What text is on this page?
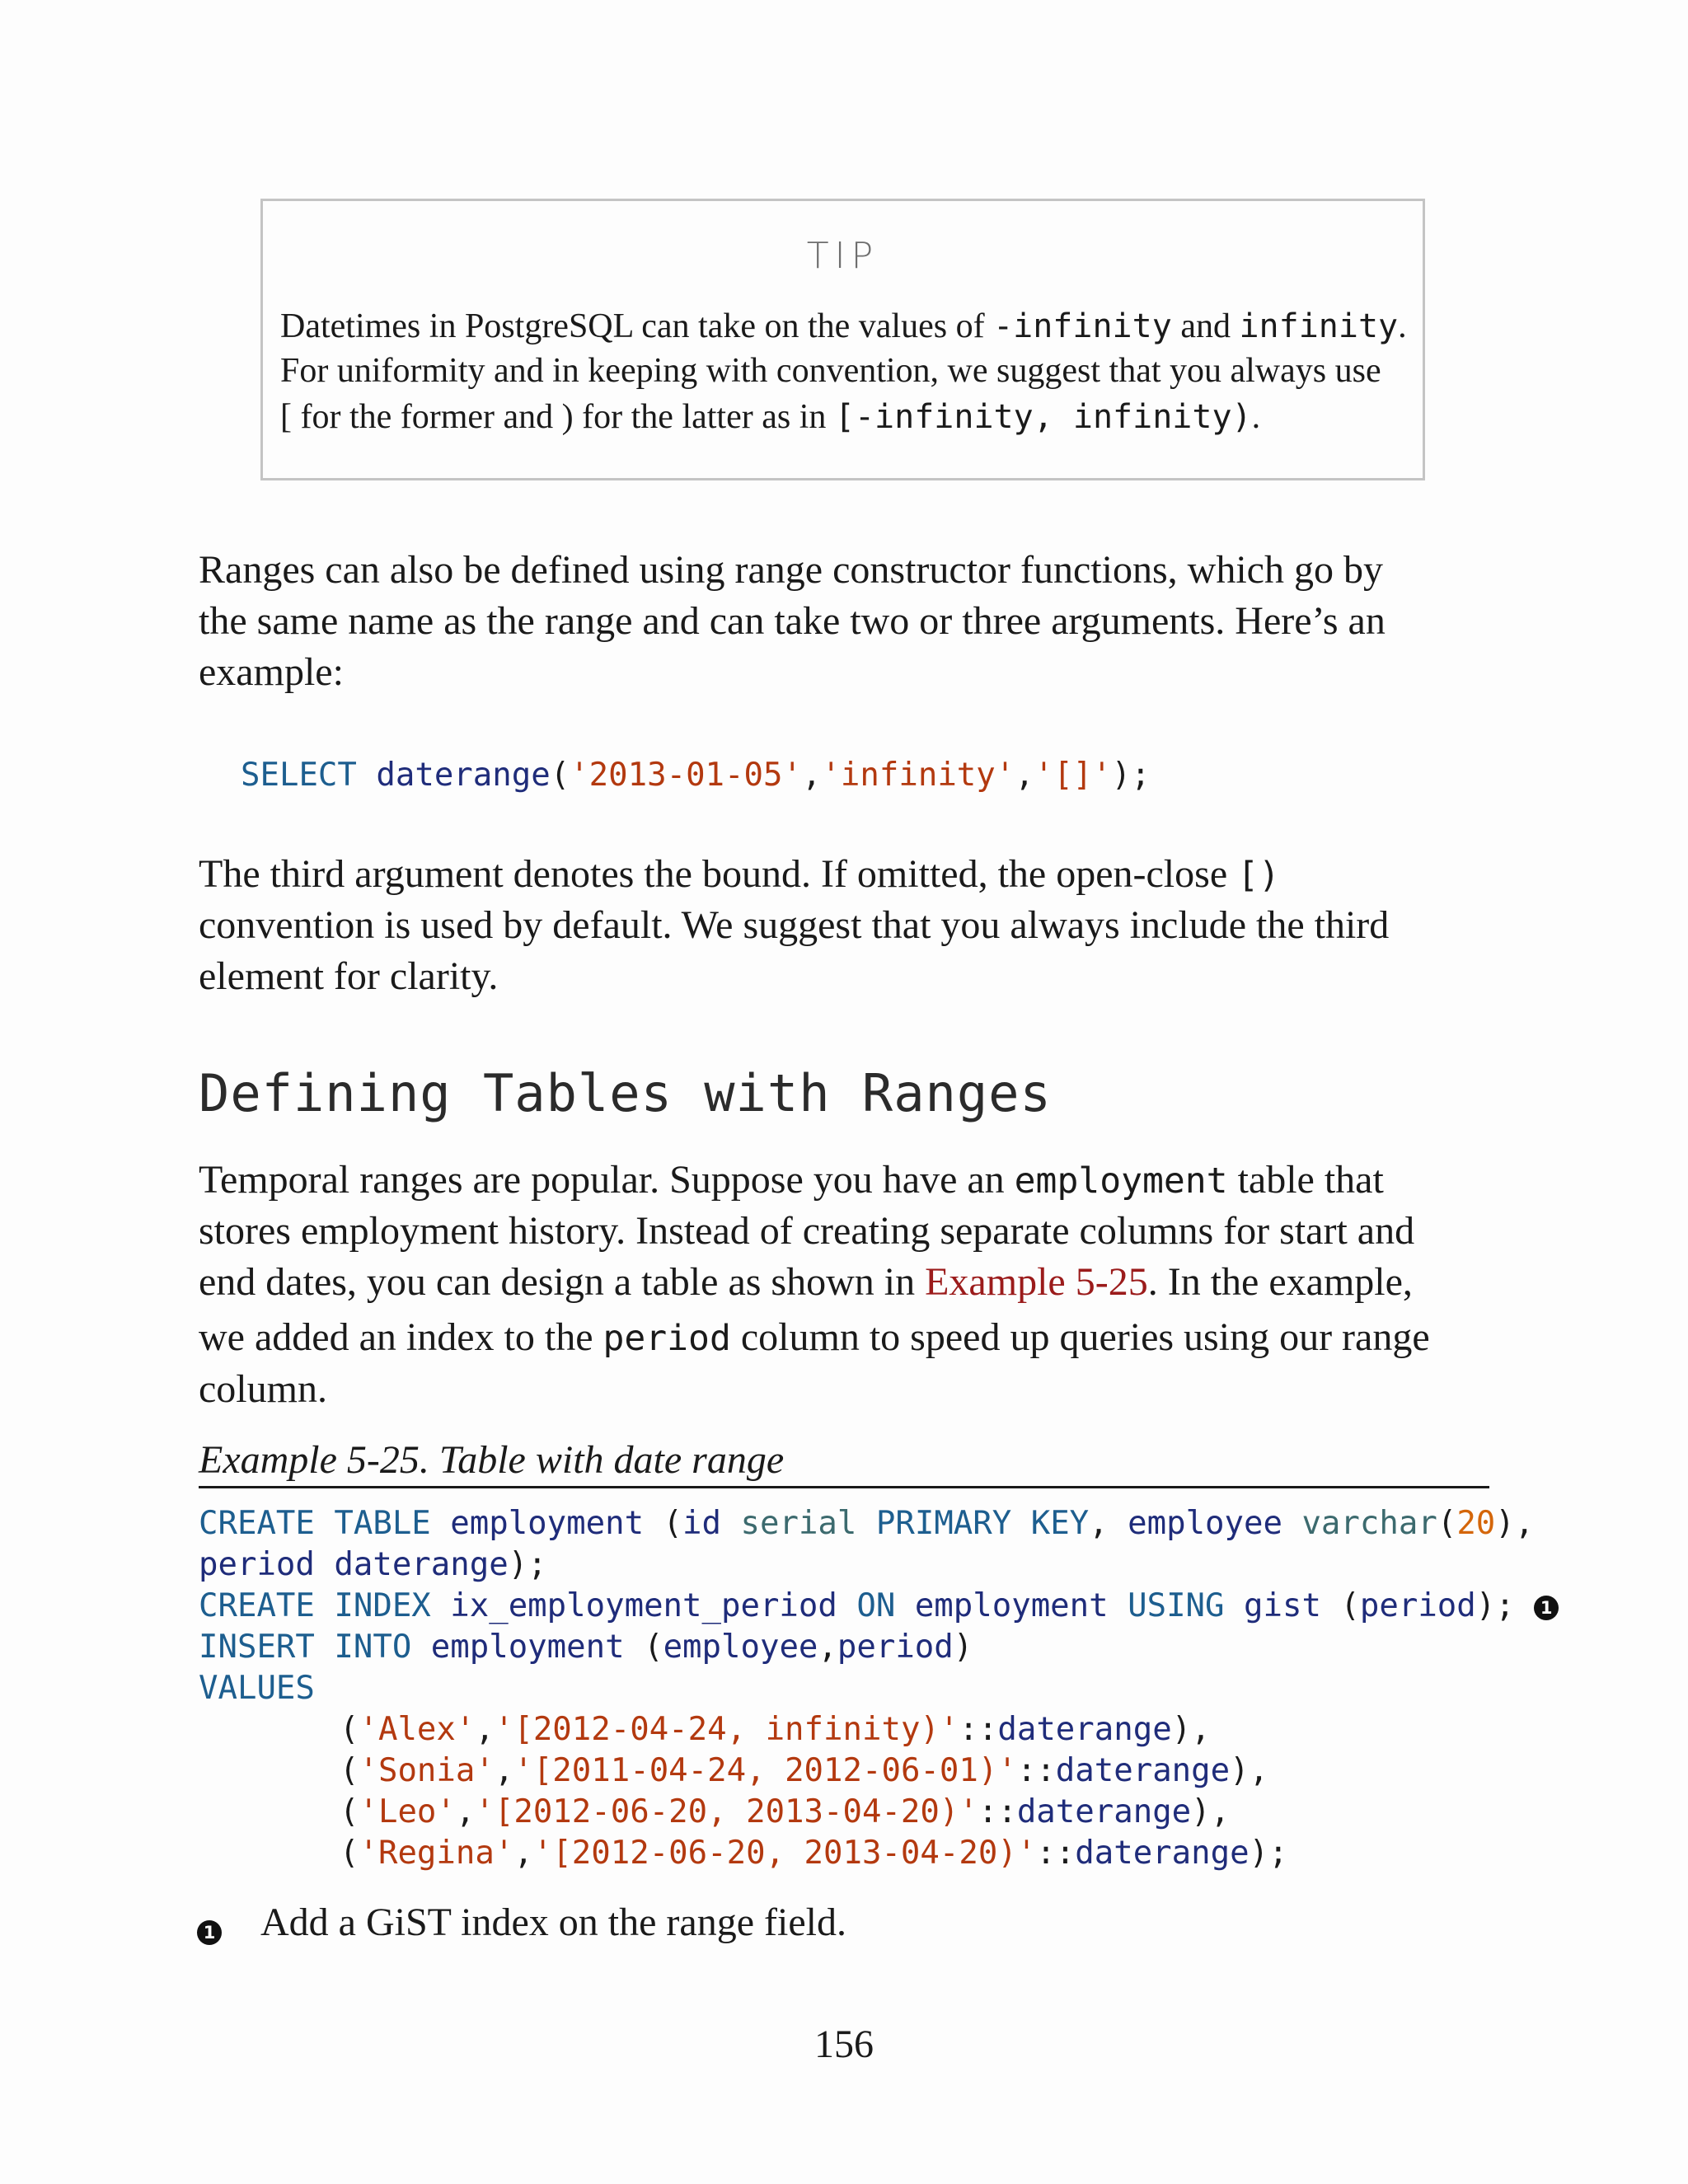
TIP
Datetimes in PostgreSQL can take on the values of -infinity and infinity.
For uniformity and in keeping with convention, we suggest that you always use
[ for the former and ) for the latter as in [-infinity, infinity).
Ranges can also be defined using range constructor functions, which go by
the same name as the range and can take two or three arguments. Here’s an
example:
SELECT daterange('2013-01-05','infinity','[]');
The third argument denotes the bound. If omitted, the open-close [)
convention is used by default. We suggest that you always include the third
element for clarity.
Defining Tables with Ranges
Temporal ranges are popular. Suppose you have an employment table that
stores employment history. Instead of creating separate columns for start and
end dates, you can design a table as shown in Example 5-25. In the example,
we added an index to the period column to speed up queries using our range
column.
Example 5-25. Table with date range
CREATE TABLE employment (id serial PRIMARY KEY, employee varchar(20),
period daterange);
CREATE INDEX ix_employment_period ON employment USING gist (period); 1
INSERT INTO employment (employee,period)
VALUES
('Alex','[2012-04-24, infinity)'::daterange),
('Sonia','[2011-04-24, 2012-06-01)'::daterange),
('Leo','[2012-06-20, 2013-04-20)'::daterange),
('Regina','[2012-06-20, 2013-04-20)'::daterange);
1 Add a GiST index on the range field.
156
